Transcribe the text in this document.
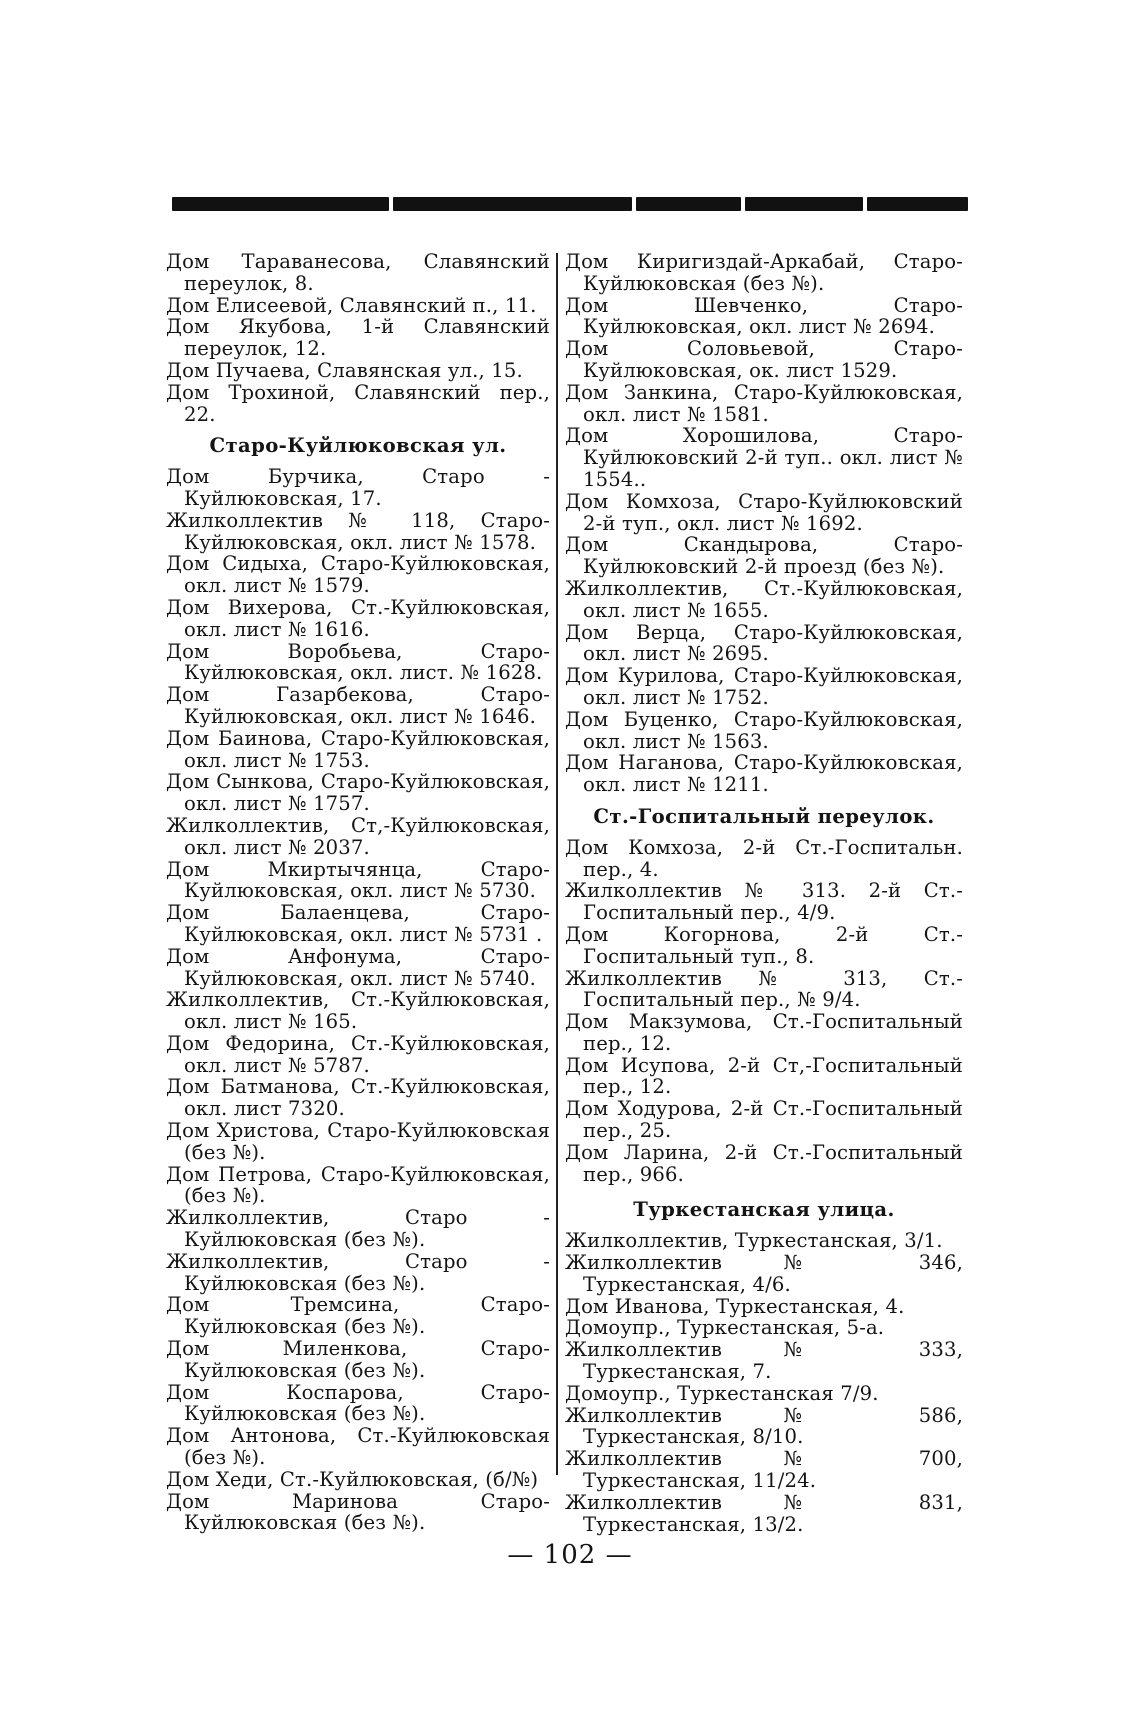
Дом Тараванесова, Славянский переулок, 8.

Дом Елисеевой, Славянский п., 11.

Дом Якубова, 1-й Славянский переулок, 12.

Дом Пучаева, Славянская ул., 15.

Дом Трохиной, Славянский пер., 22.

Старо-Куйлюковская ул.

Дом Бурчика, Старо - Куйлюковская, 17.

Жилколлектив № 118, Старо-Куйлюковская, окл. лист № 1578.

Дом Сидыха, Старо-Куйлюковская, окл. лист № 1579.

Дом Вихерова, Ст.-Куйлюковская, окл. лист № 1616.

Дом Воробьева, Старо-Куйлюковская, окл. лист. № 1628.

Дом Газарбекова, Старо-Куйлюковская, окл. лист № 1646.

Дом Баинова, Старо-Куйлюковская, окл. лист № 1753.

Дом Сынкова, Старо-Куйлюковская, окл. лист № 1757.

Жилколлектив, Ст,-Куйлюковская, окл. лист № 2037.

Дом Мкиртычянца, Старо-Куйлюковская, окл. лист № 5730.

Дом Балаенцева, Старо-Куйлюковская, окл. лист № 5731 .

Дом Анфонума, Старо-Куйлюковская, окл. лист № 5740.

Жилколлектив, Ст.-Куйлюковская, окл. лист № 165.

Дом Федорина, Ст.-Куйлюковская, окл. лист № 5787.

Дом Батманова, Ст.-Куйлюковская, окл. лист 7320.

Дом Христова, Старо-Куйлюковская (без №).

Дом Петрова, Старо-Куйлюковская, (без №).

Жилколлектив, Старо - Куйлюковская (без №).

Жилколлектив, Старо - Куйлюковская (без №).

Дом Тремсина, Старо-Куйлюковская (без №).

Дом Миленкова, Старо-Куйлюковская (без №).

Дом Коспарова, Старо-Куйлюковская (без №).

Дом Антонова, Ст.-Куйлюковская (без №).

Дом Хеди, Ст.-Куйлюковская, (б/№)

Дом Маринова Старо-Куйлюковская (без №).

Дом Киригиздай-Аркабай, Старо-Куйлюковская (без №).

Дом Шевченко, Старо-Куйлюковская, окл. лист № 2694.

Дом Соловьевой, Старо-Куйлюковская, ок. лист 1529.

Дом Занкина, Старо-Куйлюковская, окл. лист № 1581.

Дом Хорошилова, Старо-Куйлюковский 2-й туп.. окл. лист № 1554..

Дом Комхоза, Старо-Куйлюковский 2-й туп., окл. лист № 1692.

Дом Скандырова, Старо-Куйлюковский 2-й проезд (без №).

Жилколлектив, Ст.-Куйлюковская, окл. лист № 1655.

Дом Верца, Старо-Куйлюковская, окл. лист № 2695.

Дом Курилова, Старо-Куйлюковская, окл. лист № 1752.

Дом Буценко, Старо-Куйлюковская, окл. лист № 1563.

Дом Наганова, Старо-Куйлюковская, окл. лист № 1211.

Ст.-Госпитальный переулок.

Дом Комхоза, 2-й Ст.-Госпитальн. пер., 4.

Жилколлектив № 313. 2-й Ст.-Госпитальный пер., 4/9.

Дом Когорнова, 2-й Ст.-Госпитальный туп., 8.

Жилколлектив № 313, Ст.-Госпитальный пер., № 9/4.

Дом Макзумова, Ст.-Госпитальный пер., 12.

Дом Исупова, 2-й Ст,-Госпитальный пер., 12.

Дом Ходурова, 2-й Ст.-Госпитальный пер., 25.

Дом Ларина, 2-й Ст.-Госпитальный пер., 966.

Туркестанская улица.

Жилколлектив, Туркестанская, 3/1.

Жилколлектив № 346, Туркестанская, 4/6.

Дом Иванова, Туркестанская, 4.

Домоупр., Туркестанская, 5-а.

Жилколлектив № 333, Туркестанская, 7.

Домоупр., Туркестанская 7/9.

Жилколлектив № 586, Туркестанская, 8/10.

Жилколлектив № 700, Туркестанская, 11/24.

Жилколлектив № 831, Туркестанская, 13/2.

— 102 —
